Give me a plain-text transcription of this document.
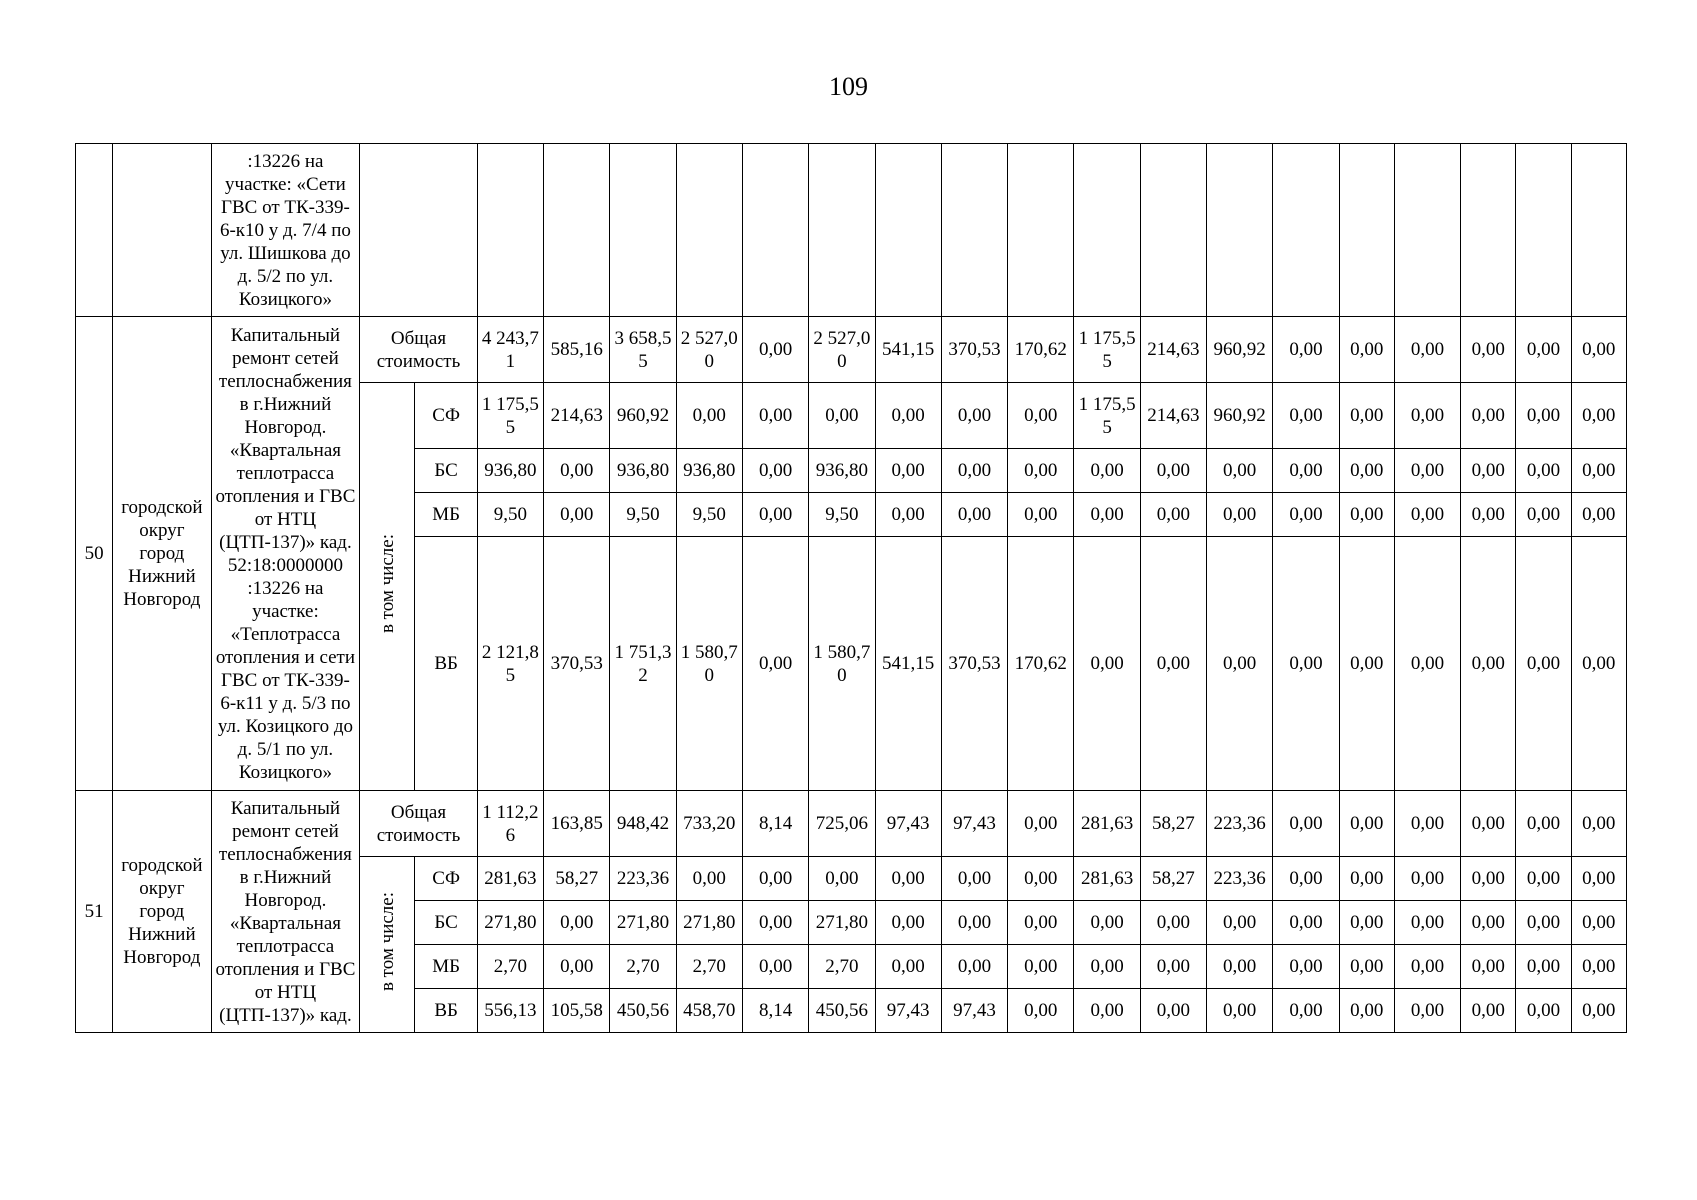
109
		:13226 на участке: «Сети ГВС от ТК-339-6-к10 у д. 7/4 по ул. Шишкова до д. 5/2 по ул. Козицкого»																				
50	городской округ город Нижний Новгород	Капитальный ремонт сетей теплоснабжения в г.Нижний Новгород. «Квартальная теплотрасса отопления и ГВС от НТЦ (ЦТП-137)» кад. 52:18:0000000 :13226 на участке: «Теплотрасса отопления и сети ГВС от ТК-339-6-к11 у д. 5/3 по ул. Козицкого до д. 5/1 по ул. Козицкого»	Общая стоимость		4 243,71	585,16	3 658,55	2 527,00	0,00	2 527,00	541,15	370,53	170,62	1 175,55	214,63	960,92	0,00	0,00	0,00	0,00	0,00	0,00
			в том числе:	СФ	1 175,55	214,63	960,92	0,00	0,00	0,00	0,00	0,00	0,00	1 175,55	214,63	960,92	0,00	0,00	0,00	0,00	0,00	0,00
				БС	936,80	0,00	936,80	936,80	0,00	936,80	0,00	0,00	0,00	0,00	0,00	0,00	0,00	0,00	0,00	0,00	0,00	0,00
				МБ	9,50	0,00	9,50	9,50	0,00	9,50	0,00	0,00	0,00	0,00	0,00	0,00	0,00	0,00	0,00	0,00	0,00	0,00
				ВБ	2 121,85	370,53	1 751,32	1 580,70	0,00	1 580,70	541,15	370,53	170,62	0,00	0,00	0,00	0,00	0,00	0,00	0,00	0,00	0,00
51	городской округ город Нижний Новгород	Капитальный ремонт сетей теплоснабжения в г.Нижний Новгород. «Квартальная теплотрасса отопления и ГВС от НТЦ (ЦТП-137)» кад.	Общая стоимость		1 112,26	163,85	948,42	733,20	8,14	725,06	97,43	97,43	0,00	281,63	58,27	223,36	0,00	0,00	0,00	0,00	0,00	0,00
			в том числе:	СФ	281,63	58,27	223,36	0,00	0,00	0,00	0,00	0,00	0,00	281,63	58,27	223,36	0,00	0,00	0,00	0,00	0,00	0,00
				БС	271,80	0,00	271,80	271,80	0,00	271,80	0,00	0,00	0,00	0,00	0,00	0,00	0,00	0,00	0,00	0,00	0,00	0,00
				МБ	2,70	0,00	2,70	2,70	0,00	2,70	0,00	0,00	0,00	0,00	0,00	0,00	0,00	0,00	0,00	0,00	0,00	0,00
				ВБ	556,13	105,58	450,56	458,70	8,14	450,56	97,43	97,43	0,00	0,00	0,00	0,00	0,00	0,00	0,00	0,00	0,00	0,00
